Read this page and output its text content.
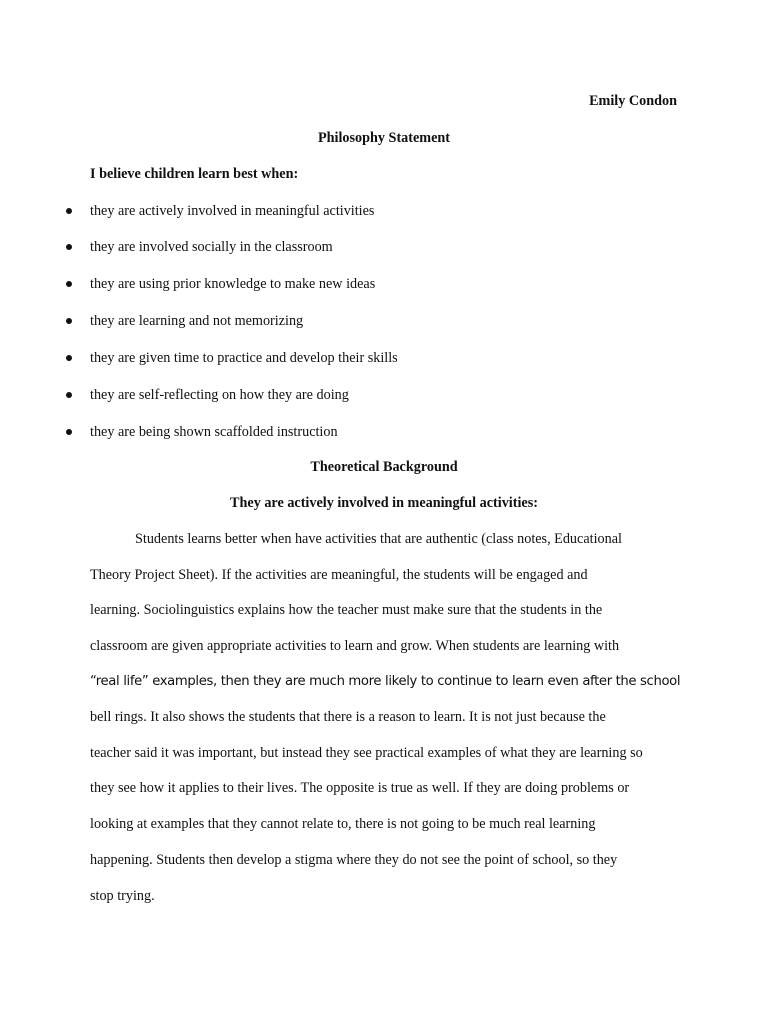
Emily Condon
Philosophy Statement
I believe children learn best when:
they are actively involved in meaningful activities
they are involved socially in the classroom
they are using prior knowledge to make new ideas
they are learning and not memorizing
they are given time to practice and develop their skills
they are self-reflecting on how they are doing
they are being shown scaffolded instruction
Theoretical Background
They are actively involved in meaningful activities:
Students learns better when have activities that are authentic (class notes, Educational
Theory Project Sheet). If the activities are meaningful, the students will be engaged and
learning. Sociolinguistics explains how the teacher must make sure that the students in the
classroom are given appropriate activities to learn and grow. When students are learning with
“real life” examples, then they are much more likely to continue to learn even after the school
bell rings. It also shows the students that there is a reason to learn. It is not just because the
teacher said it was important, but instead they see practical examples of what they are learning so
they see how it applies to their lives. The opposite is true as well. If they are doing problems or
looking at examples that they cannot relate to, there is not going to be much real learning
happening. Students then develop a stigma where they do not see the point of school, so they
stop trying.
